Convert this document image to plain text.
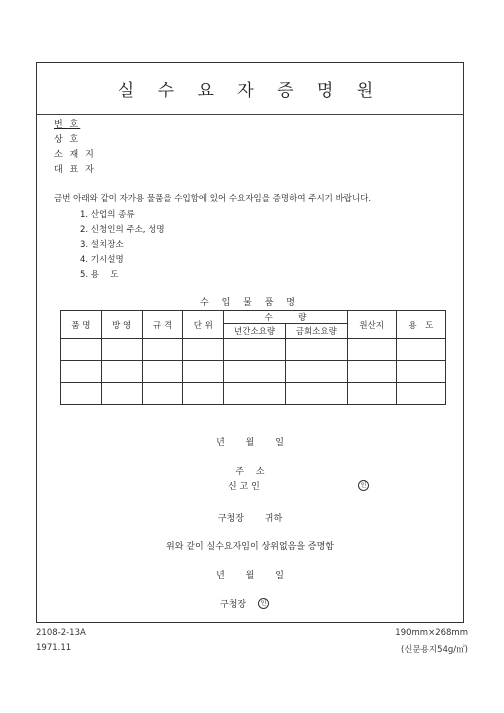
실 수 요 자 증 명 원
번 호
상 호
소 재 지
대 표 자
금번 아래와 같이 자가용 물품을 수입함에 있어 수요자임을 증명하여 주시기 바랍니다.
1. 산업의 종류
2. 신청인의 주소, 성명
3. 설치장소
4. 기시설명
5. 용　 도
수 입 물 품 명
품 명	방 영	규 격	단 위	수　　　량		원산지	용　도
				년간소요량	금회소요량		

년　　 월　　 일
주　 소
신 고 인	인
구청장　　 귀하
위와 같이 실수요자임이 상위없음을 증명함
년　　 월　　 일
구청장	인
2108-2-13A
1971.11
190mm×268mm
(신문용지54g/㎡)
